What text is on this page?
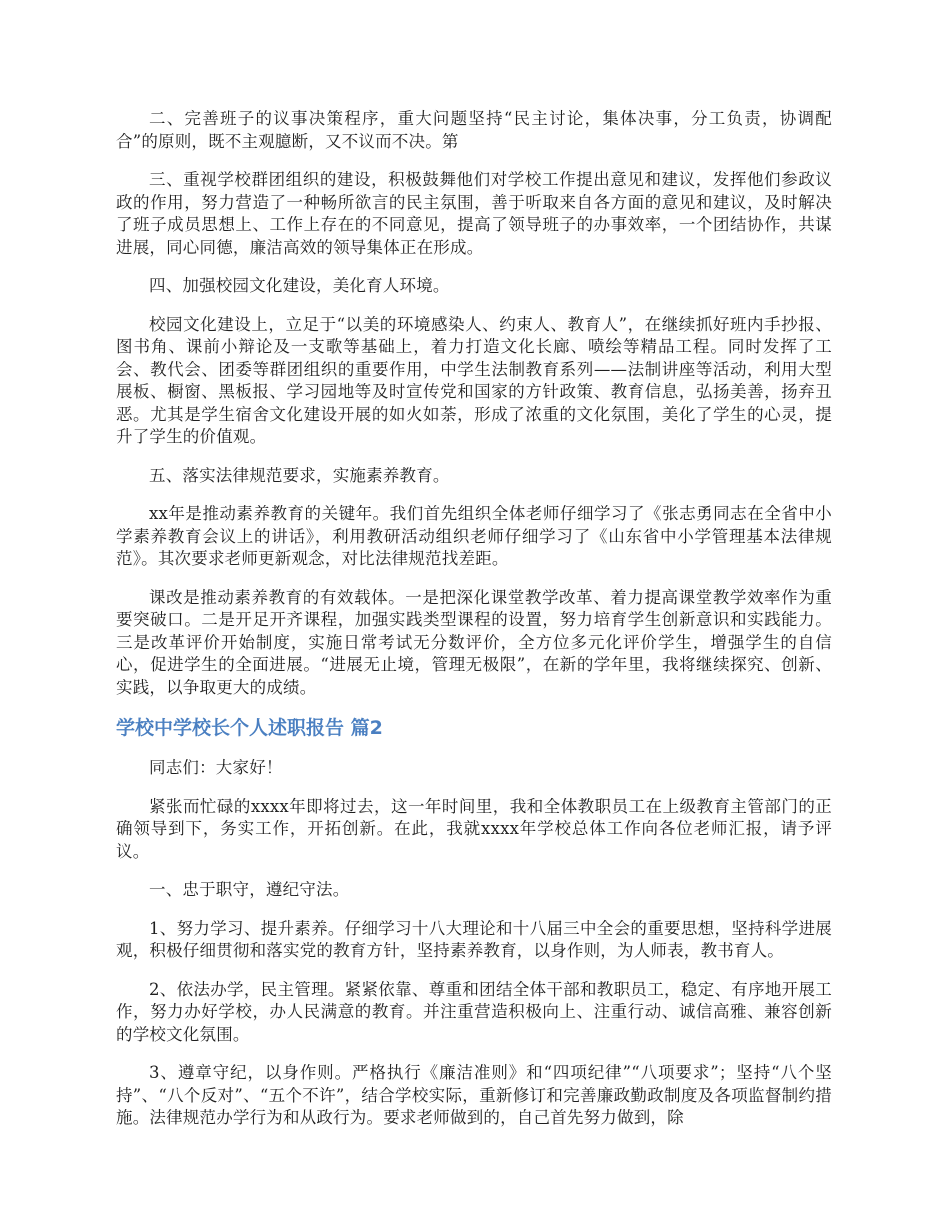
二、完善班子的议事决策程序，重大问题坚持“民主讨论，集体决事，分工负责，协调配合”的原则，既不主观臆断，又不议而不决。第

三、重视学校群团组织的建设，积极鼓舞他们对学校工作提出意见和建议，发挥他们参政议政的作用，努力营造了一种畅所欲言的民主氛围，善于听取来自各方面的意见和建议，及时解决了班子成员思想上、工作上存在的不同意见，提高了领导班子的办事效率，一个团结协作，共谋进展，同心同德，廉洁高效的领导集体正在形成。

四、加强校园文化建设，美化育人环境。

校园文化建设上，立足于“以美的环境感染人、约束人、教育人”，在继续抓好班内手抄报、图书角、课前小辩论及一支歌等基础上，着力打造文化长廊、喷绘等精品工程。同时发挥了工会、教代会、团委等群团组织的重要作用，中学生法制教育系列——法制讲座等活动，利用大型展板、橱窗、黑板报、学习园地等及时宣传党和国家的方针政策、教育信息，弘扬美善，扬弃丑恶。尤其是学生宿舍文化建设开展的如火如荼，形成了浓重的文化氛围，美化了学生的心灵，提升了学生的价值观。

五、落实法律规范要求，实施素养教育。

xx年是推动素养教育的关键年。我们首先组织全体老师仔细学习了《张志勇同志在全省中小学素养教育会议上的讲话》，利用教研活动组织老师仔细学习了《山东省中小学管理基本法律规范》。其次要求老师更新观念，对比法律规范找差距。

课改是推动素养教育的有效载体。一是把深化课堂教学改革、着力提高课堂教学效率作为重要突破口。二是开足开齐课程，加强实践类型课程的设置，努力培育学生创新意识和实践能力。三是改革评价开始制度，实施日常考试无分数评价，全方位多元化评价学生，增强学生的自信心，促进学生的全面进展。“进展无止境，管理无极限”，在新的学年里，我将继续探究、创新、实践，以争取更大的成绩。

学校中学校长个人述职报告 篇2

同志们：大家好！

紧张而忙碌的xxxx年即将过去，这一年时间里，我和全体教职员工在上级教育主管部门的正确领导到下，务实工作，开拓创新。在此，我就xxxx年学校总体工作向各位老师汇报，请予评议。

一、忠于职守，遵纪守法。

1、努力学习、提升素养。仔细学习十八大理论和十八届三中全会的重要思想，坚持科学进展观，积极仔细贯彻和落实党的教育方针，坚持素养教育，以身作则，为人师表，教书育人。

2、依法办学，民主管理。紧紧依靠、尊重和团结全体干部和教职员工，稳定、有序地开展工作，努力办好学校，办人民满意的教育。并注重营造积极向上、注重行动、诚信高雅、兼容创新的学校文化氛围。

3、遵章守纪，以身作则。严格执行《廉洁准则》和“四项纪律”“八项要求”；坚持“八个坚持”、“八个反对”、“五个不许”，结合学校实际，重新修订和完善廉政勤政制度及各项监督制约措施。法律规范办学行为和从政行为。要求老师做到的，自己首先努力做到，除
